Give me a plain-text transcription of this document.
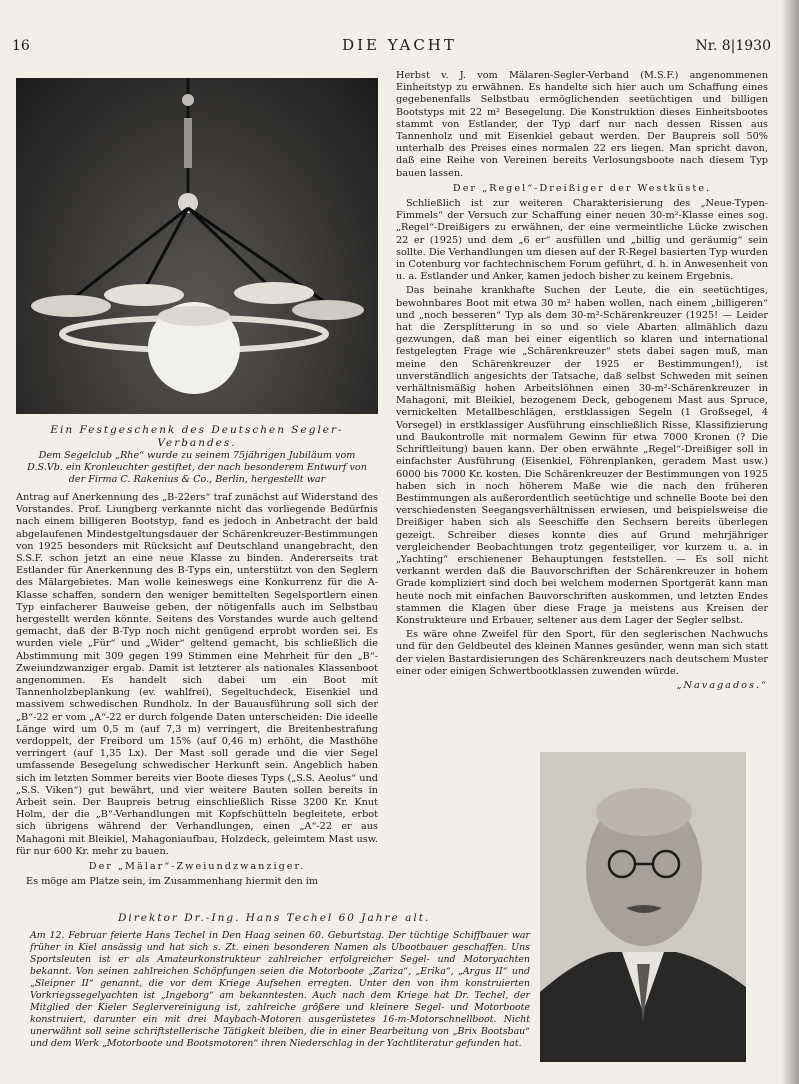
16	DIE YACHT	Nr. 8|1930
Ein Festgeschenk des Deutschen Segler-Verbandes.
Dem Segelclub „Rhe“ wurde zu seinem 75jährigen Jubiläum vom D.S.Vb. ein Kronleuchter gestiftet, der nach besonderem Entwurf von der Firma C. Rakenius & Co., Berlin, hergestellt war

Antrag auf Anerkennung des „B-22ers“ traf zunächst auf Widerstand des Vorstandes. Prof. Liungberg verkannte nicht das vorliegende Bedürfnis nach einem billigeren Bootstyp, fand es jedoch in Anbetracht der bald abgelaufenen Mindestgeltungsdauer der Schärenkreuzer-Bestimmungen von 1925 besonders mit Rücksicht auf Deutschland unangebracht, den S.S.F. schon jetzt an eine neue Klasse zu binden. Andererseits trat Estlander für Anerkennung des B-Typs ein, unterstützt von den Seglern des Mälargebietes. Man wolle keineswegs eine Konkurrenz für die A-Klasse schaffen, sondern den weniger bemittelten Segelsportlern einen Typ einfacherer Bauweise geben, der nötigenfalls auch im Selbstbau hergestellt werden könnte. Seitens des Vorstandes wurde auch geltend gemacht, daß der B-Typ noch nicht genügend erprobt worden sei. Es wurden viele „Für“ und „Wider“ geltend gemacht, bis schließlich die Abstimmung mit 309 gegen 199 Stimmen eine Mehrheit für den „B“-Zweiundzwanziger ergab. Damit ist letzterer als nationales Klassenboot angenommen. Es handelt sich dabei um ein Boot mit Tannenholzbeplankung (ev. wahlfrei), Segeltuchdeck, Eisenkiel und massivem schwedischen Rundholz. In der Bauausführung soll sich der „B“-22 er vom „A“-22 er durch folgende Daten unterscheiden: Die ideelle Länge wird um 0,5 m (auf 7,3 m) verringert, die Breitenbestrafung verdoppelt, der Freibord um 15% (auf 0,46 m) erhöht, die Masthöhe verringert (auf 1,35 Lx). Der Mast soll gerade und die vier Segel umfassende Besegelung schwedischer Herkunft sein. Angeblich haben sich im letzten Sommer bereits vier Boote dieses Typs („S.S. Aeolus“ und „S.S. Viken“) gut bewährt, und vier weitere Bauten sollen bereits in Arbeit sein. Der Baupreis betrug einschließlich Risse 3200 Kr. Knut Holm, der die „B“-Verhandlungen mit Kopfschütteln begleitete, erbot sich übrigens während der Verhandlungen, einen „A“-22 er aus Mahagoni mit Bleikiel, Mahagoniaufbau, Holzdeck, geleimtem Mast usw. für nur 600 Kr. mehr zu bauen.

Der „Mälar“-Zweiundzwanziger.

Es möge am Platze sein, im Zusammenhang hiermit den im

Herbst v. J. vom Mälaren-Segler-Verband (M.S.F.) angenommenen Einheitstyp zu erwähnen. Es handelte sich hier auch um Schaffung eines gegebenenfalls Selbstbau ermöglichenden seetüchtigen und billigen Bootstyps mit 22 m² Besegelung. Die Konstruktion dieses Einheitsbootes stammt von Estlander, der Typ darf nur nach dessen Rissen aus Tannenholz und mit Eisenkiel gebaut werden. Der Baupreis soll 50% unterhalb des Preises eines normalen 22 ers liegen. Man spricht davon, daß eine Reihe von Vereinen bereits Verlosungsboote nach diesem Typ bauen lassen.

Der „Regel“-Dreißiger der Westküste.

Schließlich ist zur weiteren Charakterisierung des „Neue-Typen-Fimmels“ der Versuch zur Schaffung einer neuen 30-m²-Klasse eines sog. „Regel“-Dreißigers zu erwähnen, der eine vermeintliche Lücke zwischen 22 er (1925) und dem „6 er“ ausfüllen und „billig und geräumig“ sein sollte. Die Verhandlungen um diesen auf der R-Regel basierten Typ wurden in Cotenburg vor fachtechnischem Forum geführt, d. h. in Anwesenheit von u. a. Estlander und Anker, kamen jedoch bisher zu keinem Ergebnis.

Das beinahe krankhafte Suchen der Leute, die ein seetüchtiges, bewohnbares Boot mit etwa 30 m² haben wollen, nach einem „billigeren“ und „noch besseren“ Typ als dem 30-m²-Schärenkreuzer (1925! — Leider hat die Zersplitterung in so und so viele Abarten allmählich dazu gezwungen, daß man bei einer eigentlich so klaren und international festgelegten Frage wie „Schärenkreuzer“ stets dabei sagen muß, man meine den Schärenkreuzer der 1925 er Bestimmungen!), ist unverständlich angesichts der Tatsache, daß selbst Schweden mit seinen verhältnismäßig hohen Arbeitslöhnen einen 30-m²-Schärenkreuzer in Mahagoni, mit Bleikiel, bezogenem Deck, gebogenem Mast aus Spruce, vernickelten Metallbeschlägen, erstklassigen Segeln (1 Großsegel, 4 Vorsegel) in erstklassiger Ausführung einschließlich Risse, Klassifizierung und Baukontrolle mit normalem Gewinn für etwa 7000 Kronen (? Die Schriftleitung) bauen kann. Der oben erwähnte „Regel“-Dreißiger soll in einfachster Ausführung (Eisenkiel, Föhrenplanken, geradem Mast usw.) 6000 bis 7000 Kr. kosten. Die Schärenkreuzer der Bestimmungen von 1925 haben sich in noch höherem Maße wie die nach den früheren Bestimmungen als außerordentlich seetüchtige und schnelle Boote bei den verschiedensten Seegangsverhältnissen erwiesen, und beispielsweise die Dreißiger haben sich als Seeschiffe den Sechsern bereits überlegen gezeigt. Schreiber dieses konnte dies auf Grund mehrjähriger vergleichender Beobachtungen trotz gegenteiliger, vor kurzem u. a. in „Yachting“ erschienener Behauptungen feststellen. — Es soll nicht verkannt werden daß die Bauvorschriften der Schärenkreuzer in hohem Grade kompliziert sind doch bei welchem modernen Sportgerät kann man heute noch mit einfachen Bauvorschriften auskommen, und letzten Endes stammen die Klagen über diese Frage ja meistens aus Kreisen der Konstrukteure und Erbauer, seltener aus dem Lager der Segler selbst.

Es wäre ohne Zweifel für den Sport, für den seglerischen Nachwuchs und für den Geldbeutel des kleinen Mannes gesünder, wenn man sich statt der vielen Bastardisierungen des Schärenkreuzers nach deutschem Muster einer oder einigen Schwertbootklassen zuwenden würde.

„Navagados.“

Direktor Dr.-Ing. Hans Techel 60 Jahre alt.

Am 12. Februar feierte Hans Techel in Den Haag seinen 60. Geburtstag. Der tüchtige Schiffbauer war früher in Kiel ansässig und hat sich s. Zt. einen besonderen Namen als Ubootbauer geschaffen. Uns Sportsleuten ist er als Amateurkonstrukteur zahlreicher erfolgreicher Segel- und Motoryachten bekannt. Von seinen zahlreichen Schöpfungen seien die Motorboote „Zariza“, „Erika“, „Argus II“ und „Sleipner II“ genannt, die vor dem Kriege Aufsehen erregten. Unter den von ihm konstruierten Vorkriegssegelyachten ist „Ingeborg“ am bekanntesten. Auch nach dem Kriege hat Dr. Techel, der Mitglied der Kieler Seglervereinigung ist, zahlreiche größere und kleinere Segel- und Motorboote konstruiert, darunter ein mit drei Maybach-Motoren ausgerüstetes 16-m-Motorschnellboot. Nicht unerwähnt soll seine schriftstellerische Tätigkeit bleiben, die in einer Bearbeitung von „Brix Bootsbau“ und dem Werk „Motorboote und Bootsmotoren“ ihren Niederschlag in der Yachtliteratur gefunden hat.
